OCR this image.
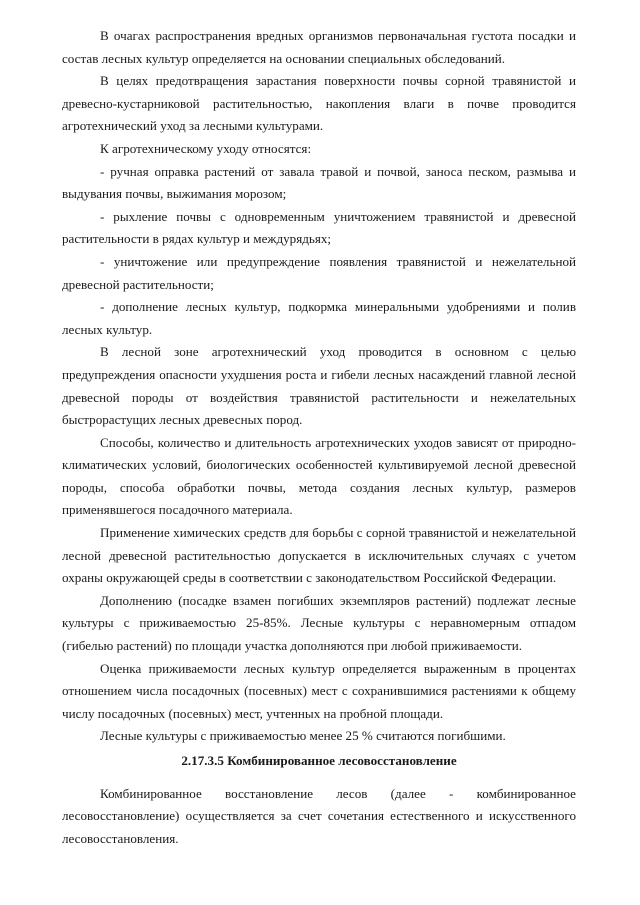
В очагах распространения вредных организмов первоначальная густота посадки и состав лесных культур определяется на основании специальных обследований.

В целях предотвращения зарастания поверхности почвы сорной травянистой и древесно-кустарниковой растительностью, накопления влаги в почве проводится агротехнический уход за лесными культурами.

К агротехническому уходу относятся:

- ручная оправка растений от завала травой и почвой, заноса песком, размыва и выдувания почвы, выжимания морозом;

- рыхление почвы с одновременным уничтожением травянистой и древесной растительности в рядах культур и междурядьях;

- уничтожение или предупреждение появления травянистой и нежелательной древесной растительности;

- дополнение лесных культур, подкормка минеральными удобрениями и полив лесных культур.

В лесной зоне агротехнический уход проводится в основном с целью предупреждения опасности ухудшения роста и гибели лесных насаждений главной лесной древесной породы от воздействия травянистой растительности и нежелательных быстрорастущих лесных древесных пород.

Способы, количество и длительность агротехнических уходов зависят от природно-климатических условий, биологических особенностей культивируемой лесной древесной породы, способа обработки почвы, метода создания лесных культур, размеров применявшегося посадочного материала.

Применение химических средств для борьбы с сорной травянистой и нежелательной лесной древесной растительностью допускается в исключительных случаях с учетом охраны окружающей среды в соответствии с законодательством Российской Федерации.

Дополнению (посадке взамен погибших экземпляров растений) подлежат лесные культуры с приживаемостью 25-85%. Лесные культуры с неравномерным отпадом (гибелью растений) по площади участка дополняются при любой приживаемости.

Оценка приживаемости лесных культур определяется выраженным в процентах отношением числа посадочных (посевных) мест с сохранившимися растениями к общему числу посадочных (посевных) мест, учтенных на пробной площади.

Лесные культуры с приживаемостью менее 25 % считаются погибшими.

2.17.3.5 Комбинированное лесовосстановление

Комбинированное восстановление лесов (далее - комбинированное лесовосстановление) осуществляется за счет сочетания естественного и искусственного лесовосстановления.
